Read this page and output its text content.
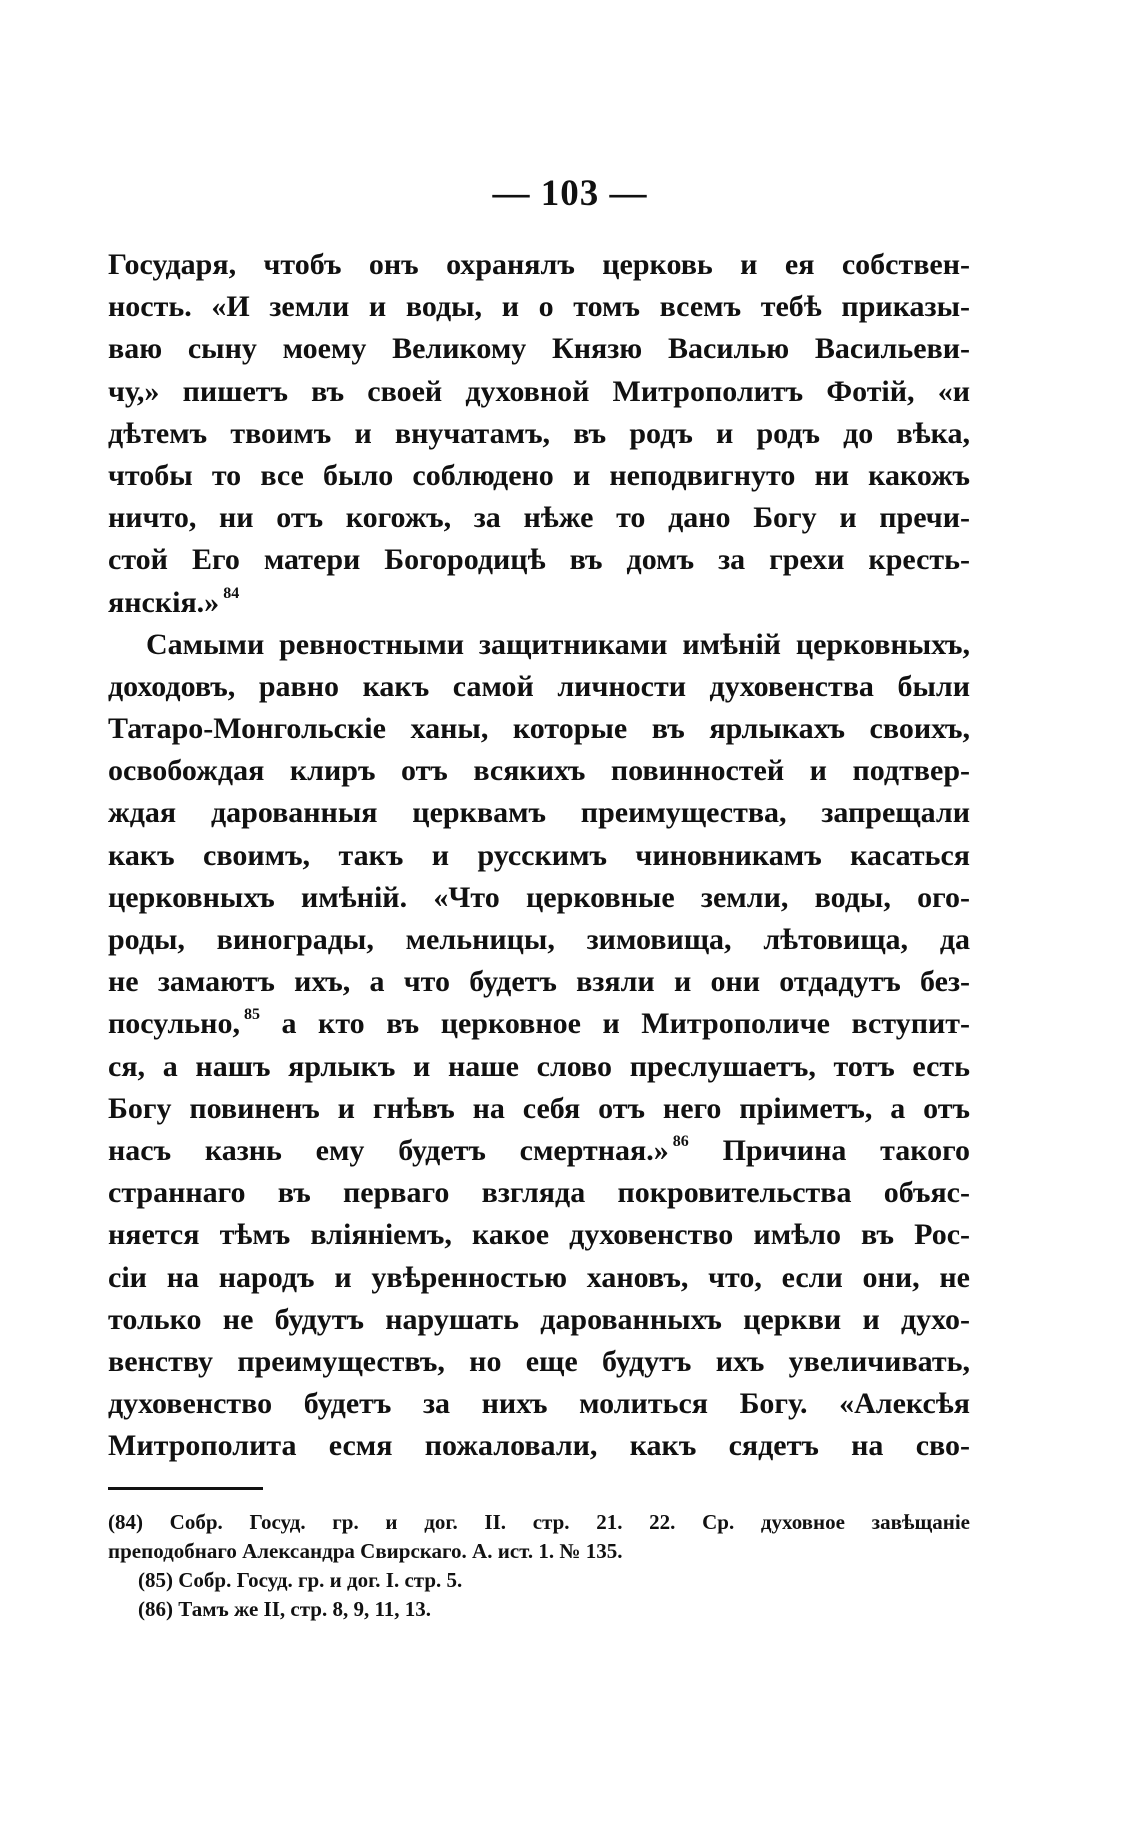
— 103 —
Государя, чтобъ онъ охранялъ церковь и ея собствен-
ность. «И земли и воды, и о томъ всемъ тебѣ приказы-
ваю сыну моему Великому Князю Василью Васильеви-
чу,» пишетъ въ своей духовной Митрополитъ Фотій, «и
дѣтемъ твоимъ и внучатамъ, въ родъ и родъ до вѣка,
чтобы то все было соблюдено и неподвигнуто ни какожъ
ничто, ни отъ когожъ, за нѣже то дано Богу и пречи-
стой Его матери Богородицѣ въ домъ за грехи кресть-
янскія.» $^{84}$
Самыми ревностными защитниками имѣній церковныхъ,
доходовъ, равно какъ самой личности духовенства были
Татаро-Монгольскіе ханы, которые въ ярлыкахъ своихъ,
освобождая клиръ отъ всякихъ повинностей и подтвер-
ждая дарованныя церквамъ преимущества, запрещали
какъ своимъ, такъ и русскимъ чиновникамъ касаться
церковныхъ имѣній. «Что церковные земли, воды, ого-
роды, винограды, мельницы, зимовища, лѣтовища, да
не замаютъ ихъ, а что будетъ взяли и они отдадутъ без-
посульно, $^{85}$ а кто въ церковное и Митрополиче вступит-
ся, а нашъ ярлыкъ и наше слово преслушаетъ, тотъ есть
Богу повиненъ и гнѣвъ на себя отъ него пріиметъ, а отъ
насъ казнь ему будетъ смертная.» $^{86}$ Причина такого
страннаго въ перваго взгляда покровительства объяс-
няется тѣмъ вліяніемъ, какое духовенство имѣло въ Рос-
сіи на народъ и увѣренностью хановъ, что, если они, не
только не будутъ нарушать дарованныхъ церкви и духо-
венству преимуществъ, но еще будутъ ихъ увеличивать,
духовенство будетъ за нихъ молиться Богу. «Алексѣя
Митрополита есмя пожаловали, какъ сядетъ на сво-
(84) Собр. Госуд. гр. и дог. II. стр. 21. 22. Ср. духовное завѣщаніе
преподобнаго Александра Свирскаго. А. ист. 1. № 135.
(85) Собр. Госуд. гр. и дог. I. стр. 5.
(86) Тамъ же II, стр. 8, 9, 11, 13.
